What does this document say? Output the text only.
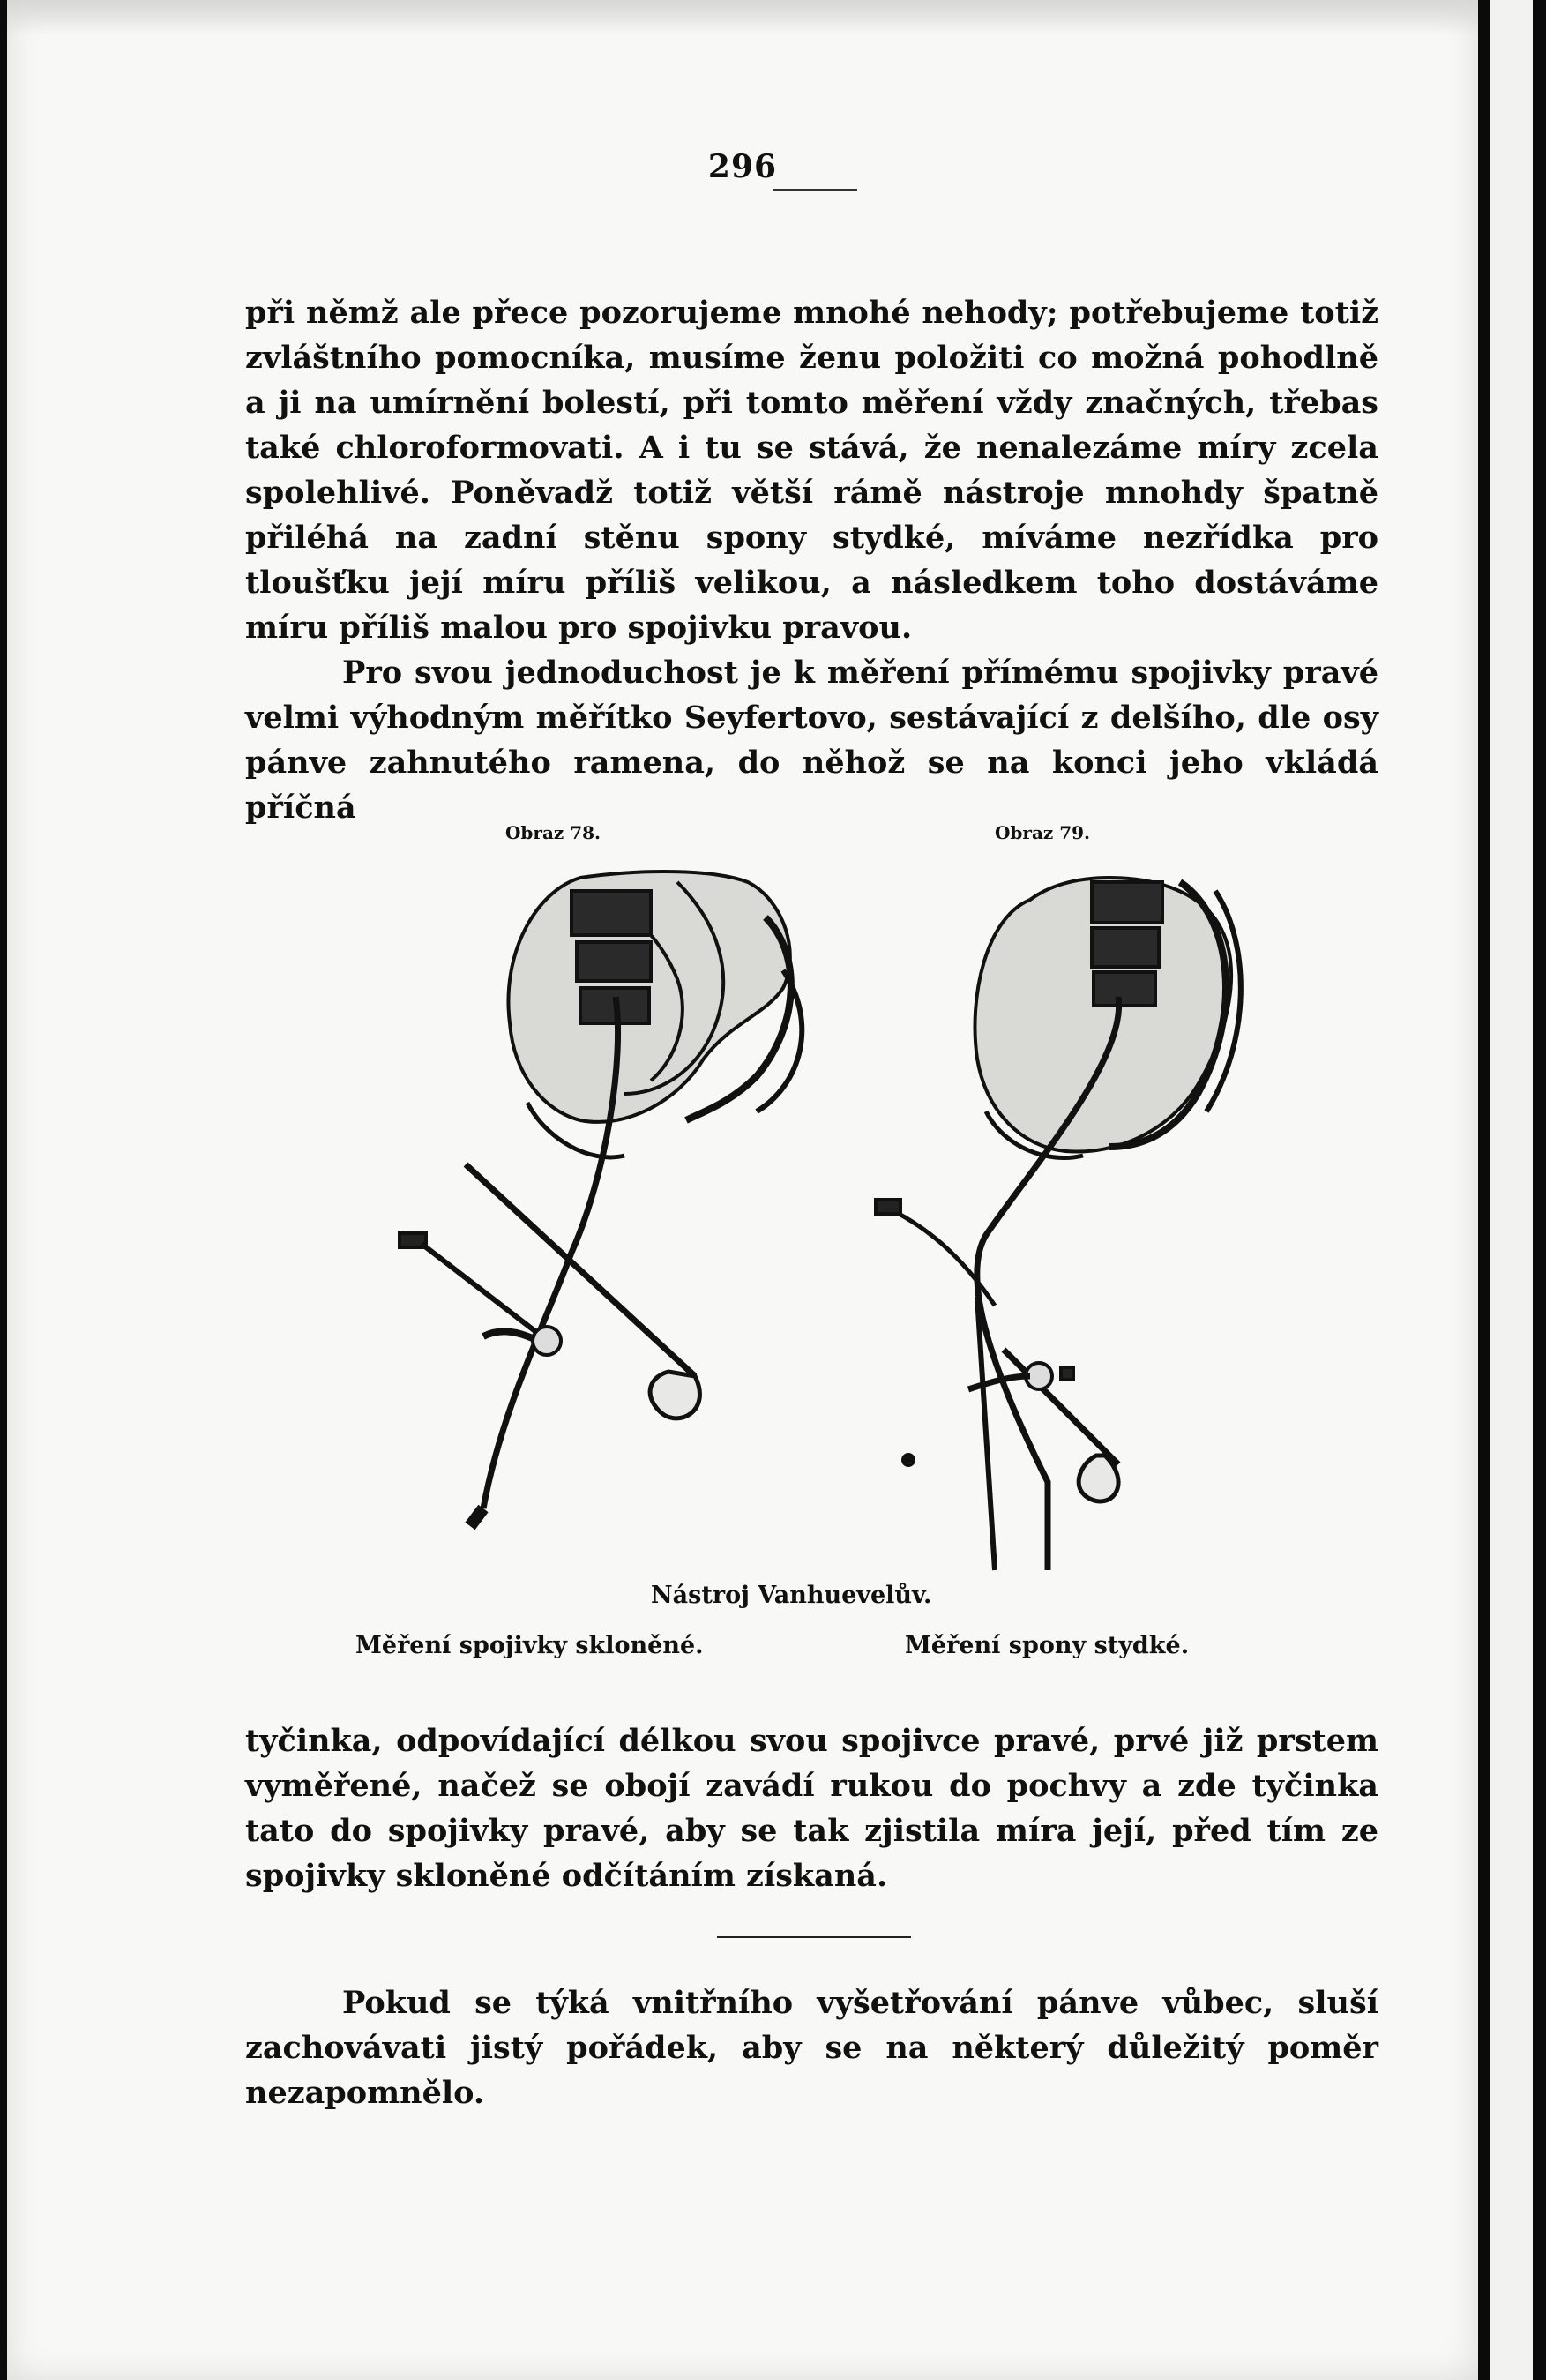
296

při němž ale přece pozorujeme mnohé nehody; potřebujeme totiž zvláštního pomocníka, musíme ženu položiti co možná pohodlně a ji na umírnění bolestí, při tomto měření vždy značných, třebas také chloroformovati. A i tu se stává, že nenalezáme míry zcela spolehlivé. Poněvadž totiž větší rámě nástroje mnohdy špatně přiléhá na zadní stěnu spony stydké, míváme nezřídka pro tloušťku její míru příliš velikou, a následkem toho dostáváme míru příliš malou pro spojivku pravou.

Pro svou jednoduchost je k měření přímému spojivky pravé velmi výhodným měřítko Seyfertovo, sestávající z delšího, dle osy pánve zahnutého ramena, do něhož se na konci jeho vkládá příčná

Obraz 78.	Obraz 79.
Nástroj Vanhuevelův.
Měření spojivky skloněné.	Měření spony stydké.
tyčinka, odpovídající délkou svou spojivce pravé, prvé již prstem vyměřené, načež se obojí zavádí rukou do pochvy a zde tyčinka tato do spojivky pravé, aby se tak zjistila míra její, před tím ze spojivky skloněné odčítáním získaná.
Pokud se týká vnitřního vyšetřování pánve vůbec, sluší zachovávati jistý pořádek, aby se na některý důležitý poměr nezapomnělo.
